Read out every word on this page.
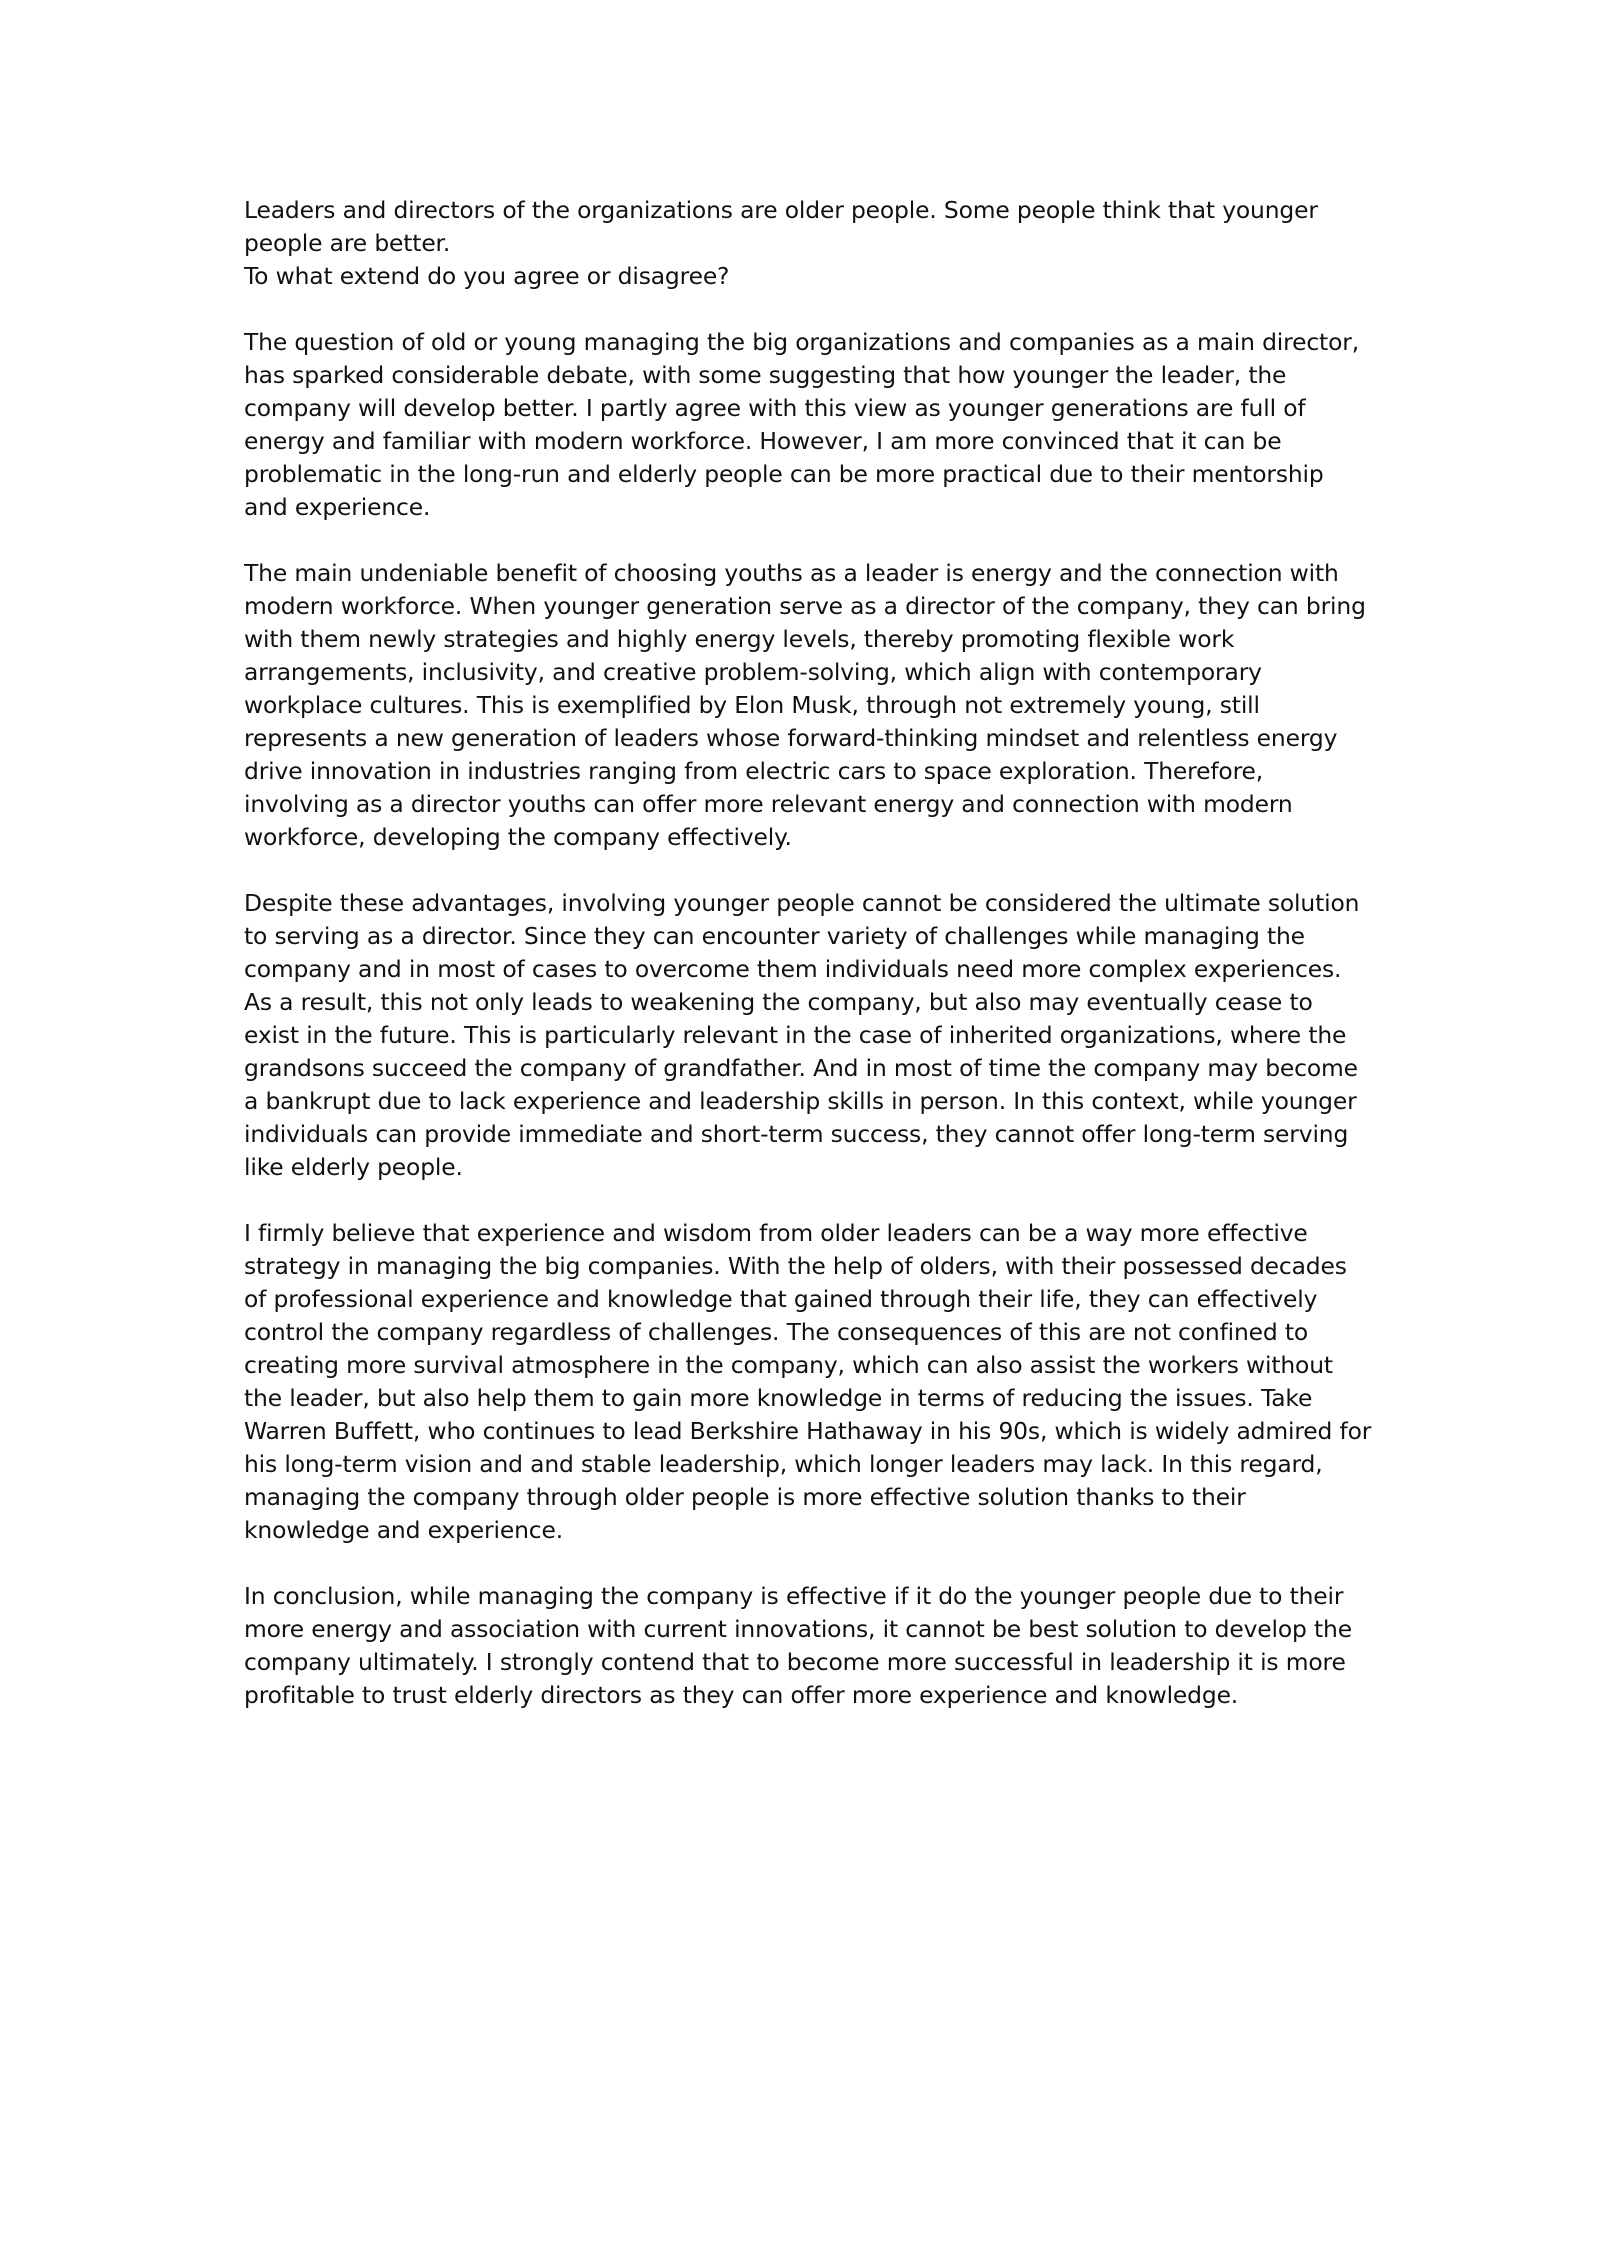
Leaders and directors of the organizations are older people. Some people think that younger people are better.

To what extend do you agree or disagree?

The question of old or young managing the big organizations and companies as a main director, has sparked considerable debate, with some suggesting that how younger the leader, the company will develop better. I partly agree with this view as younger generations are full of energy and familiar with modern workforce. However, I am more convinced that it can be problematic in the long-run and elderly people can be more practical due to their mentorship and experience.

The main undeniable benefit of choosing youths as a leader is energy and the connection with modern workforce. When younger generation serve as a director of the company, they can bring with them newly strategies and highly energy levels, thereby promoting flexible work arrangements, inclusivity, and creative problem-solving, which align with contemporary workplace cultures. This is exemplified by Elon Musk, through not extremely young, still represents a new generation of leaders whose forward-thinking mindset and relentless energy drive innovation in industries ranging from electric cars to space exploration. Therefore, involving as a director youths can offer more relevant energy and connection with modern workforce, developing the company effectively.

Despite these advantages, involving younger people cannot be considered the ultimate solution to serving as a director. Since they can encounter variety of challenges while managing the company and in most of cases to overcome them individuals need more complex experiences. As a result, this not only leads to weakening the company, but also may eventually cease to exist in the future. This is particularly relevant in the case of inherited organizations, where the grandsons succeed the company of grandfather. And in most of time the company may become a bankrupt due to lack experience and leadership skills in person. In this context, while younger individuals can provide immediate and short-term success, they cannot offer long-term serving like elderly people.

I firmly believe that experience and wisdom from older leaders can be a way more effective strategy in managing the big companies. With the help of olders, with their possessed decades of professional experience and knowledge that gained through their life, they can effectively control the company regardless of challenges. The consequences of this are not confined to creating more survival atmosphere in the company, which can also assist the workers without the leader, but also help them to gain more knowledge in terms of reducing the issues. Take Warren Buffett, who continues to lead Berkshire Hathaway in his 90s, which is widely admired for his long-term vision and and stable leadership, which longer leaders may lack. In this regard, managing the company through older people is more effective solution thanks to their knowledge and experience.

In conclusion, while managing the company is effective if it do the younger people due to their more energy and association with current innovations, it cannot be best solution to develop the company ultimately. I strongly contend that to become more successful in leadership it is more profitable to trust elderly directors as they can offer more experience and knowledge.
